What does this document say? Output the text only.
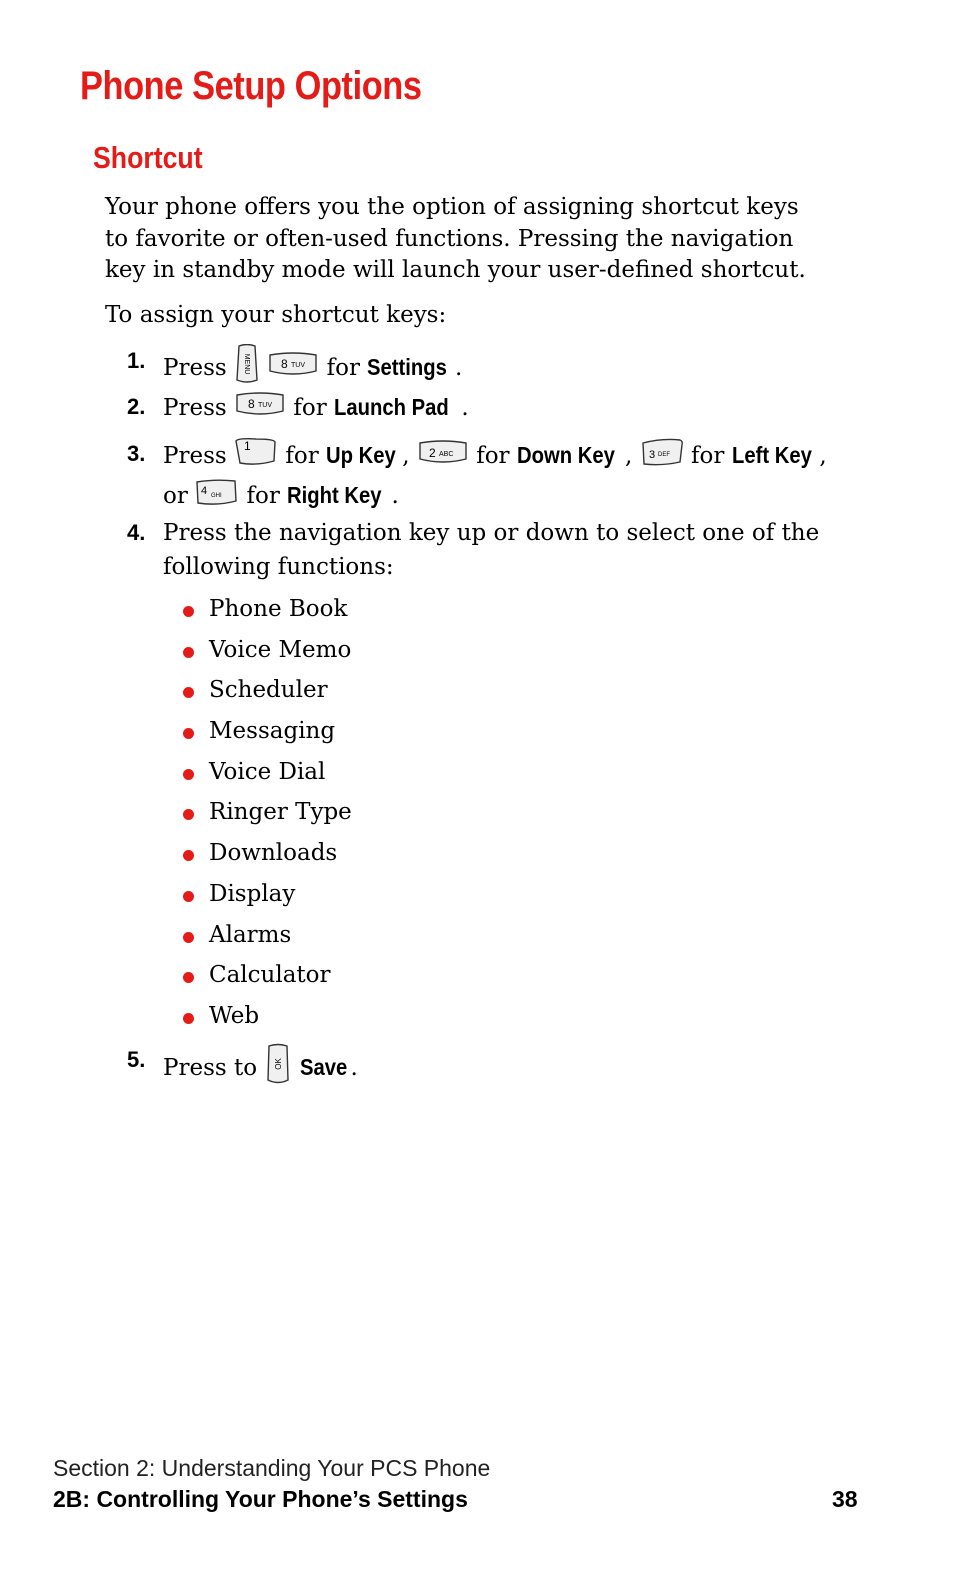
Phone Setup Options
Shortcut

Your phone offers you the option of assigning shortcut keys to favorite or often-used functions. Pressing the navigation key in standby mode will launch your user-defined shortcut.

To assign your shortcut keys:

1. Press MENU
	8 TUV for Settings .
2. Press 8 TUV for Launch Pad .
3. Press 1 for Up Key , 2 ABC for Down Key , 3 DEF for Left Key ,
or 4 GHI for Right Key .
4. Press the navigation key up or down to select one of the following functions:
Phone Book
Voice Memo
Scheduler
Messaging
Voice Dial
Ringer Type
Downloads
Display
Alarms
Calculator
Web
5. Press to OK Save .

Section 2: Understanding Your PCS Phone

2B: Controlling Your Phone’s Settings	38
